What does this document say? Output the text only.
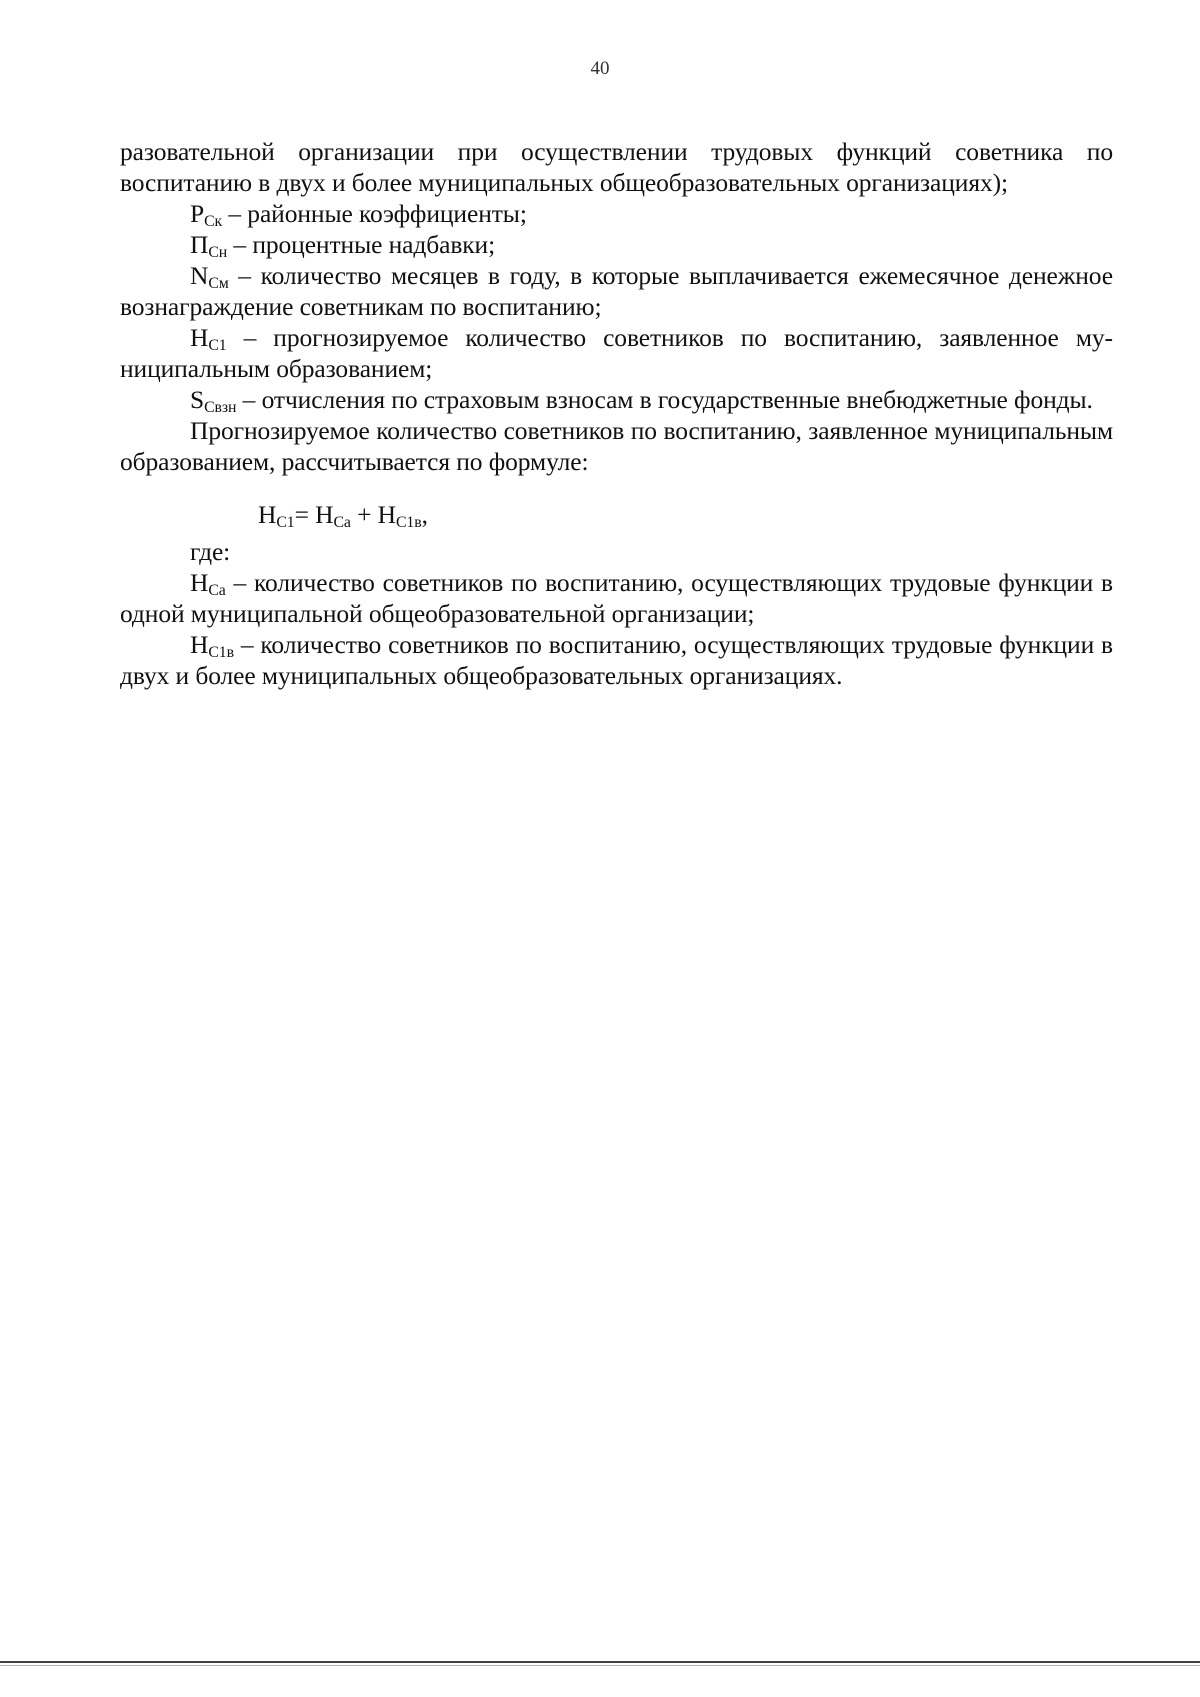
40

разовательной организации при осуществлении трудовых функций советника по воспитанию в двух и более муниципальных общеобразовательных организациях);

$Р_{Ск}$ – районные коэффициенты;

$П_{Сн}$ – процентные надбавки;

$N_{См}$ – количество месяцев в году, в которые выплачивается ежемесячное денежное вознаграждение советникам по воспитанию;

$Н_{С1}$ – прогнозируемое количество советников по воспитанию, заявленное муниципальным образованием;

$S_{Свзн}$ – отчисления по страховым взносам в государственные внебюджетные фонды.

Прогнозируемое количество советников по воспитанию, заявленное муниципальным образованием, рассчитывается по формуле:

$Н_{С1}= Н_{Са} + Н_{С1в}$,

где:

$Н_{Са}$ – количество советников по воспитанию, осуществляющих трудовые функции в одной муниципальной общеобразовательной организации;

$Н_{С1в}$ – количество советников по воспитанию, осуществляющих трудовые функции в двух и более муниципальных общеобразовательных организациях.
